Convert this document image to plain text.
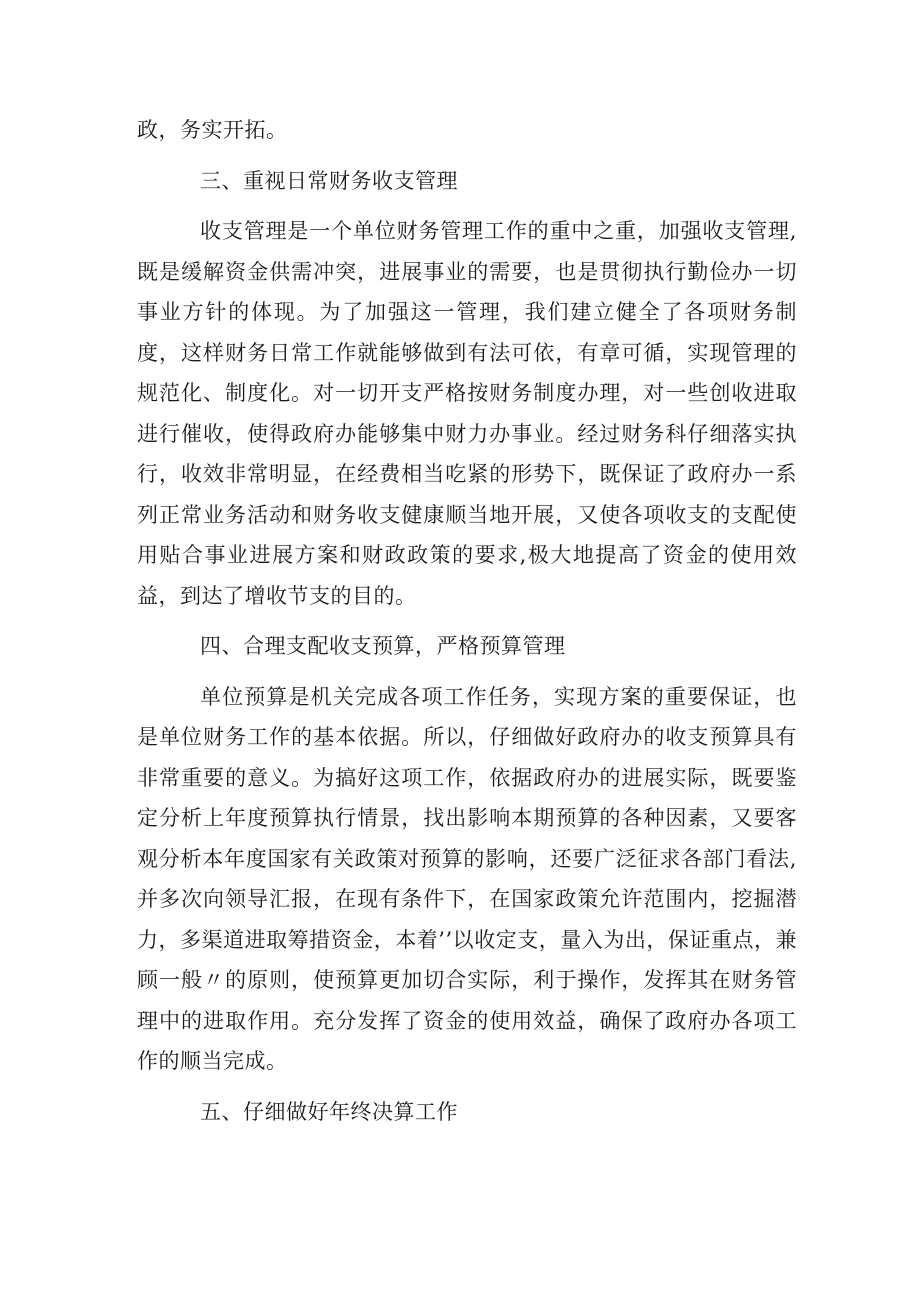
政，务实开拓。

三、重视日常财务收支管理

收支管理是一个单位财务管理工作的重中之重，加强收支管理,既是缓解资金供需冲突，进展事业的需要，也是贯彻执行勤俭办一切事业方针的体现。为了加强这一管理，我们建立健全了各项财务制度，这样财务日常工作就能够做到有法可依，有章可循，实现管理的规范化、制度化。对一切开支严格按财务制度办理，对一些创收进取进行催收，使得政府办能够集中财力办事业。经过财务科仔细落实执行，收效非常明显，在经费相当吃紧的形势下，既保证了政府办一系列正常业务活动和财务收支健康顺当地开展，又使各项收支的支配使用贴合事业进展方案和财政政策的要求,极大地提高了资金的使用效益，到达了增收节支的目的。

四、合理支配收支预算，严格预算管理

单位预算是机关完成各项工作任务，实现方案的重要保证，也是单位财务工作的基本依据。所以，仔细做好政府办的收支预算具有非常重要的意义。为搞好这项工作，依据政府办的进展实际，既要鉴定分析上年度预算执行情景，找出影响本期预算的各种因素，又要客观分析本年度国家有关政策对预算的影响，还要广泛征求各部门看法,并多次向领导汇报，在现有条件下，在国家政策允许范围内，挖掘潜力，多渠道进取筹措资金，本着’’以收定支，量入为出，保证重点，兼顾一般〃的原则，使预算更加切合实际，利于操作，发挥其在财务管理中的进取作用。充分发挥了资金的使用效益，确保了政府办各项工作的顺当完成。

五、仔细做好年终决算工作
